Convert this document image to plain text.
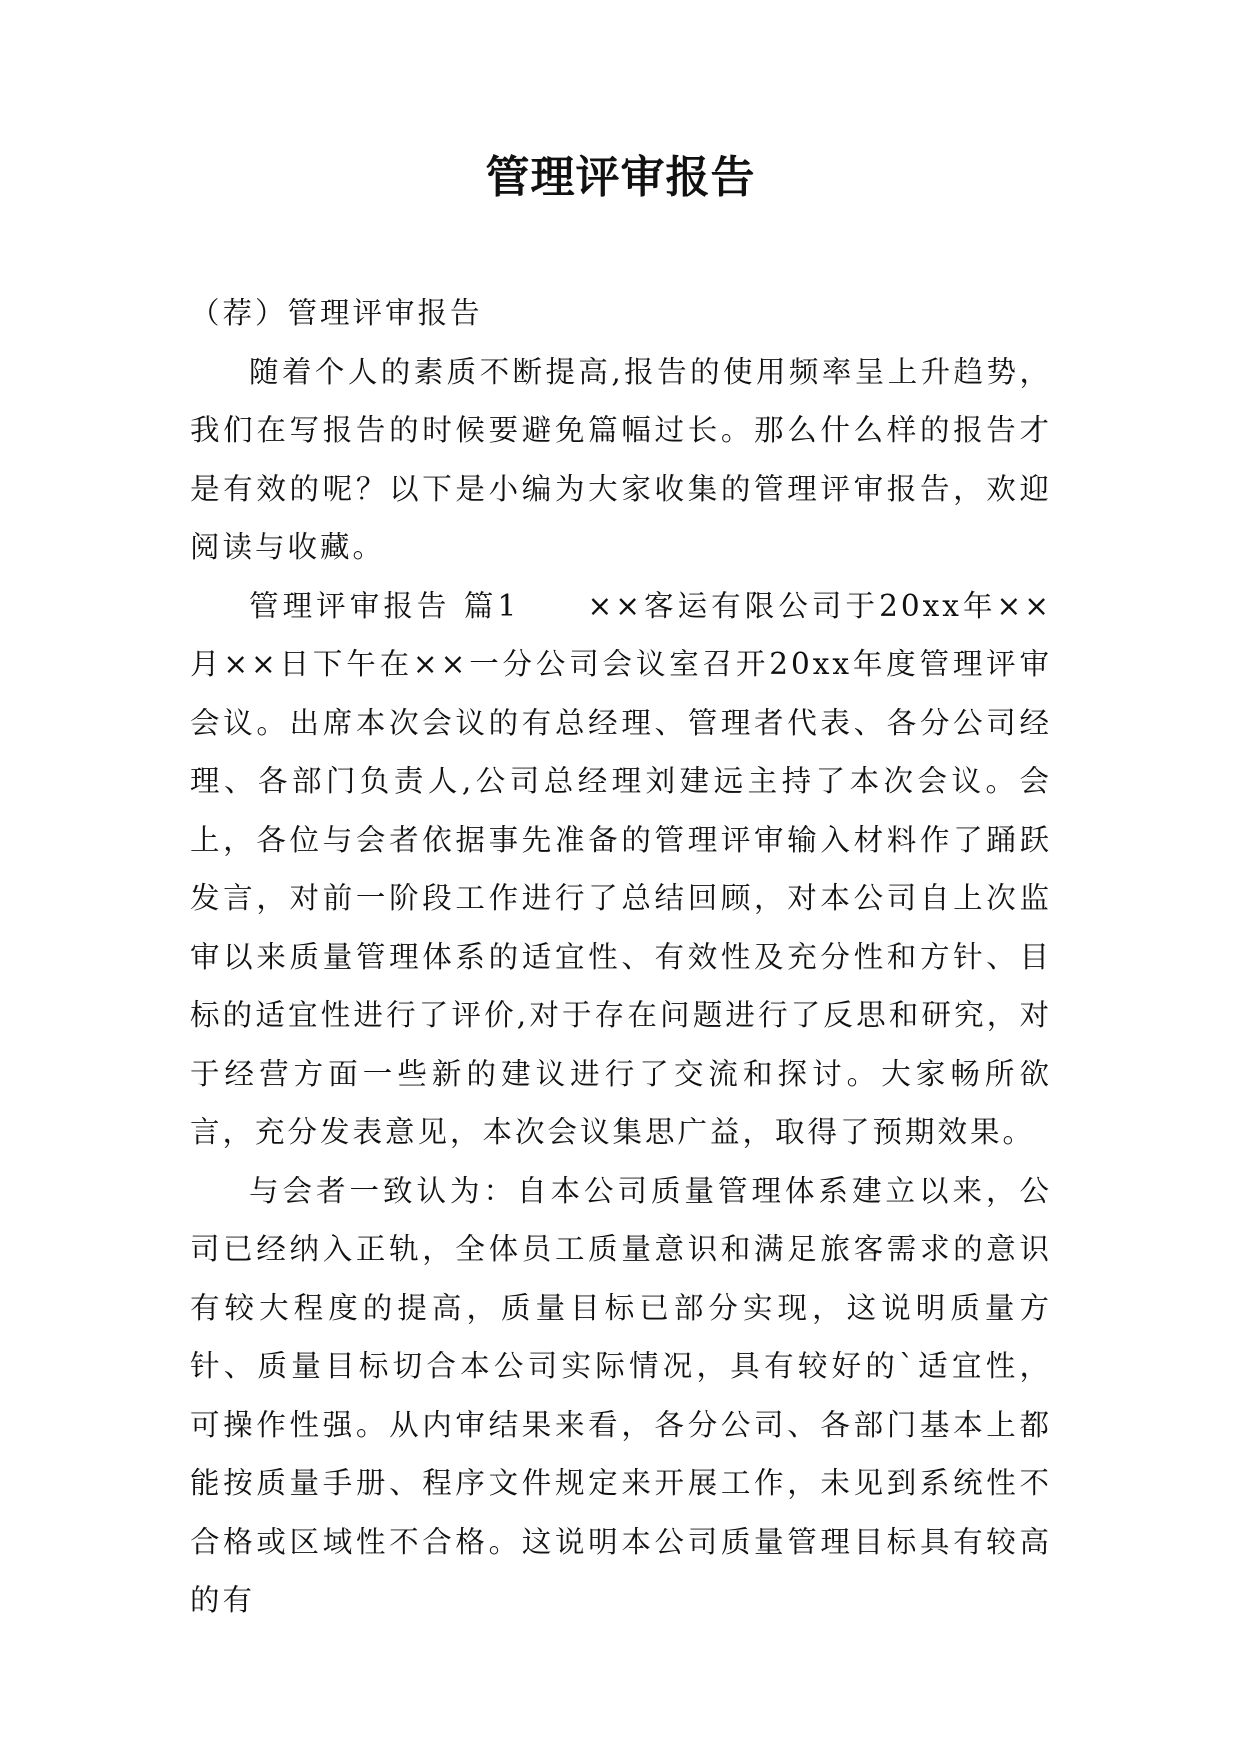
管理评审报告

（荐）管理评审报告

随着个人的素质不断提高,报告的使用频率呈上升趋势，我们在写报告的时候要避免篇幅过长。那么什么样的报告才是有效的呢？以下是小编为大家收集的管理评审报告，欢迎阅读与收藏。

管理评审报告 篇1　　××客运有限公司于20xx年××月××日下午在××一分公司会议室召开20xx年度管理评审会议。出席本次会议的有总经理、管理者代表、各分公司经理、各部门负责人,公司总经理刘建远主持了本次会议。会上，各位与会者依据事先准备的管理评审输入材料作了踊跃发言，对前一阶段工作进行了总结回顾，对本公司自上次监审以来质量管理体系的适宜性、有效性及充分性和方针、目标的适宜性进行了评价,对于存在问题进行了反思和研究，对于经营方面一些新的建议进行了交流和探讨。大家畅所欲言，充分发表意见，本次会议集思广益，取得了预期效果。

与会者一致认为：自本公司质量管理体系建立以来，公司已经纳入正轨，全体员工质量意识和满足旅客需求的意识有较大程度的提高，质量目标已部分实现，这说明质量方针、质量目标切合本公司实际情况，具有较好的`适宜性，可操作性强。从内审结果来看，各分公司、各部门基本上都能按质量手册、程序文件规定来开展工作，未见到系统性不合格或区域性不合格。这说明本公司质量管理目标具有较高的有
